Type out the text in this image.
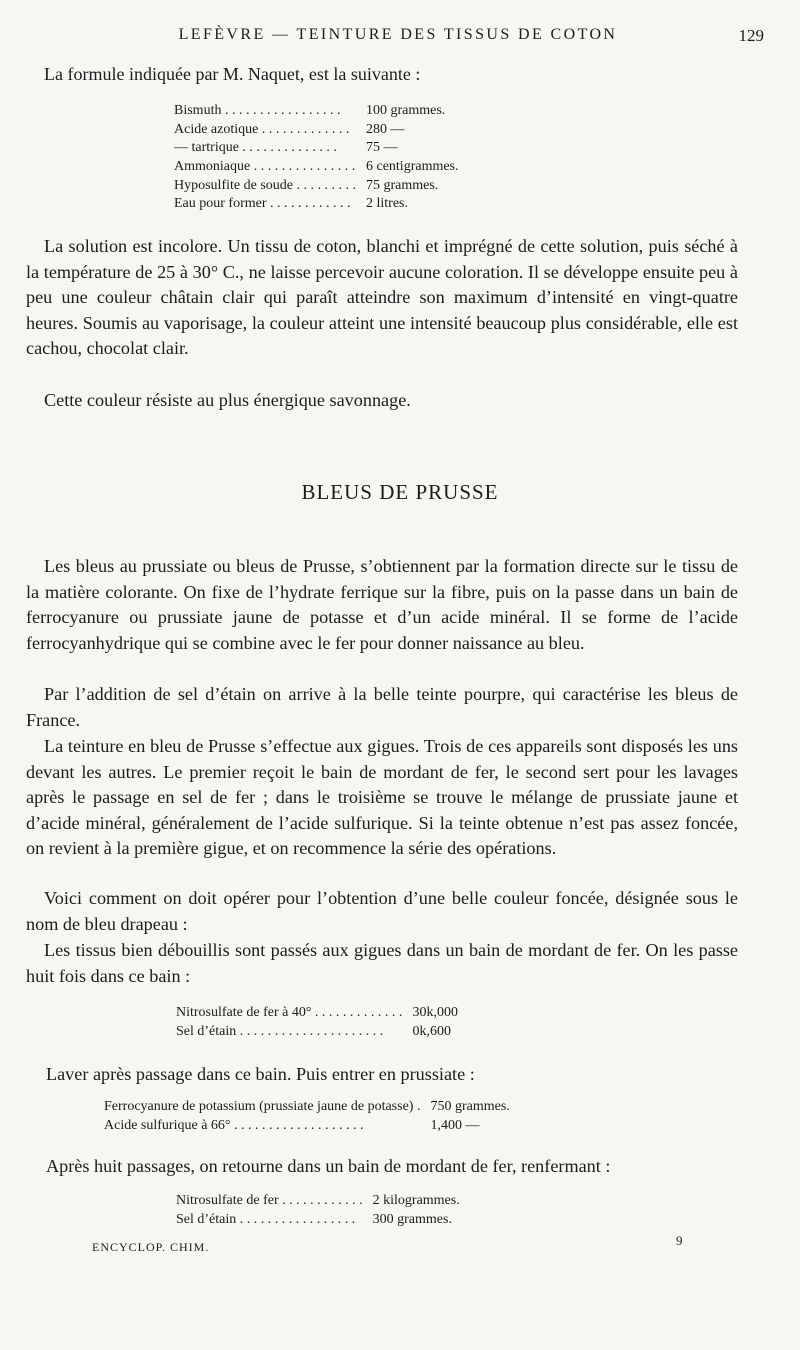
LEFÈVRE — TEINTURE DES TISSUS DE COTON	129
La formule indiquée par M. Naquet, est la suivante :
Bismuth . . . . . . . . . . . . . . . . .	100 grammes.
Acide azotique . . . . . . . . . . . . .	280 —
— tartrique . . . . . . . . . . . . . .	75 —
Ammoniaque . . . . . . . . . . . . . . .	6 centigrammes.
Hyposulfite de soude . . . . . . . . .	75 grammes.
Eau pour former . . . . . . . . . . . .	2 litres.

La solution est incolore. Un tissu de coton, blanchi et imprégné de cette solution, puis séché à la température de 25 à 30° C., ne laisse percevoir aucune coloration. Il se développe ensuite peu à peu une couleur châtain clair qui paraît atteindre son maximum d’intensité en vingt-quatre heures. Soumis au vaporisage, la couleur atteint une intensité beaucoup plus considérable, elle est cachou, chocolat clair.

Cette couleur résiste au plus énergique savonnage.

BLEUS DE PRUSSE

Les bleus au prussiate ou bleus de Prusse, s’obtiennent par la formation directe sur le tissu de la matière colorante. On fixe de l’hydrate ferrique sur la fibre, puis on la passe dans un bain de ferrocyanure ou prussiate jaune de potasse et d’un acide minéral. Il se forme de l’acide ferrocyanhydrique qui se combine avec le fer pour donner naissance au bleu.

Par l’addition de sel d’étain on arrive à la belle teinte pourpre, qui caractérise les bleus de France.

La teinture en bleu de Prusse s’effectue aux gigues. Trois de ces appareils sont disposés les uns devant les autres. Le premier reçoit le bain de mordant de fer, le second sert pour les lavages après le passage en sel de fer ; dans le troisième se trouve le mélange de prussiate jaune et d’acide minéral, généralement de l’acide sulfurique. Si la teinte obtenue n’est pas assez foncée, on revient à la première gigue, et on recommence la série des opérations.

Voici comment on doit opérer pour l’obtention d’une belle couleur foncée, désignée sous le nom de bleu drapeau :

Les tissus bien débouillis sont passés aux gigues dans un bain de mordant de fer. On les passe huit fois dans ce bain :

Nitrosulfate de fer à 40° . . . . . . . . . . . . .	30k,000
Sel d’étain . . . . . . . . . . . . . . . . . . . . .	0k,600

Laver après passage dans ce bain. Puis entrer en prussiate :

Ferrocyanure de potassium (prussiate jaune de potasse) .	750 grammes.
Acide sulfurique à 66° . . . . . . . . . . . . . . . . . . .	1,400 —

Après huit passages, on retourne dans un bain de mordant de fer, renfermant :

Nitrosulfate de fer . . . . . . . . . . . .	2 kilogrammes.
Sel d’étain . . . . . . . . . . . . . . . . .	300 grammes.
ENCYCLOP. CHIM.	9
